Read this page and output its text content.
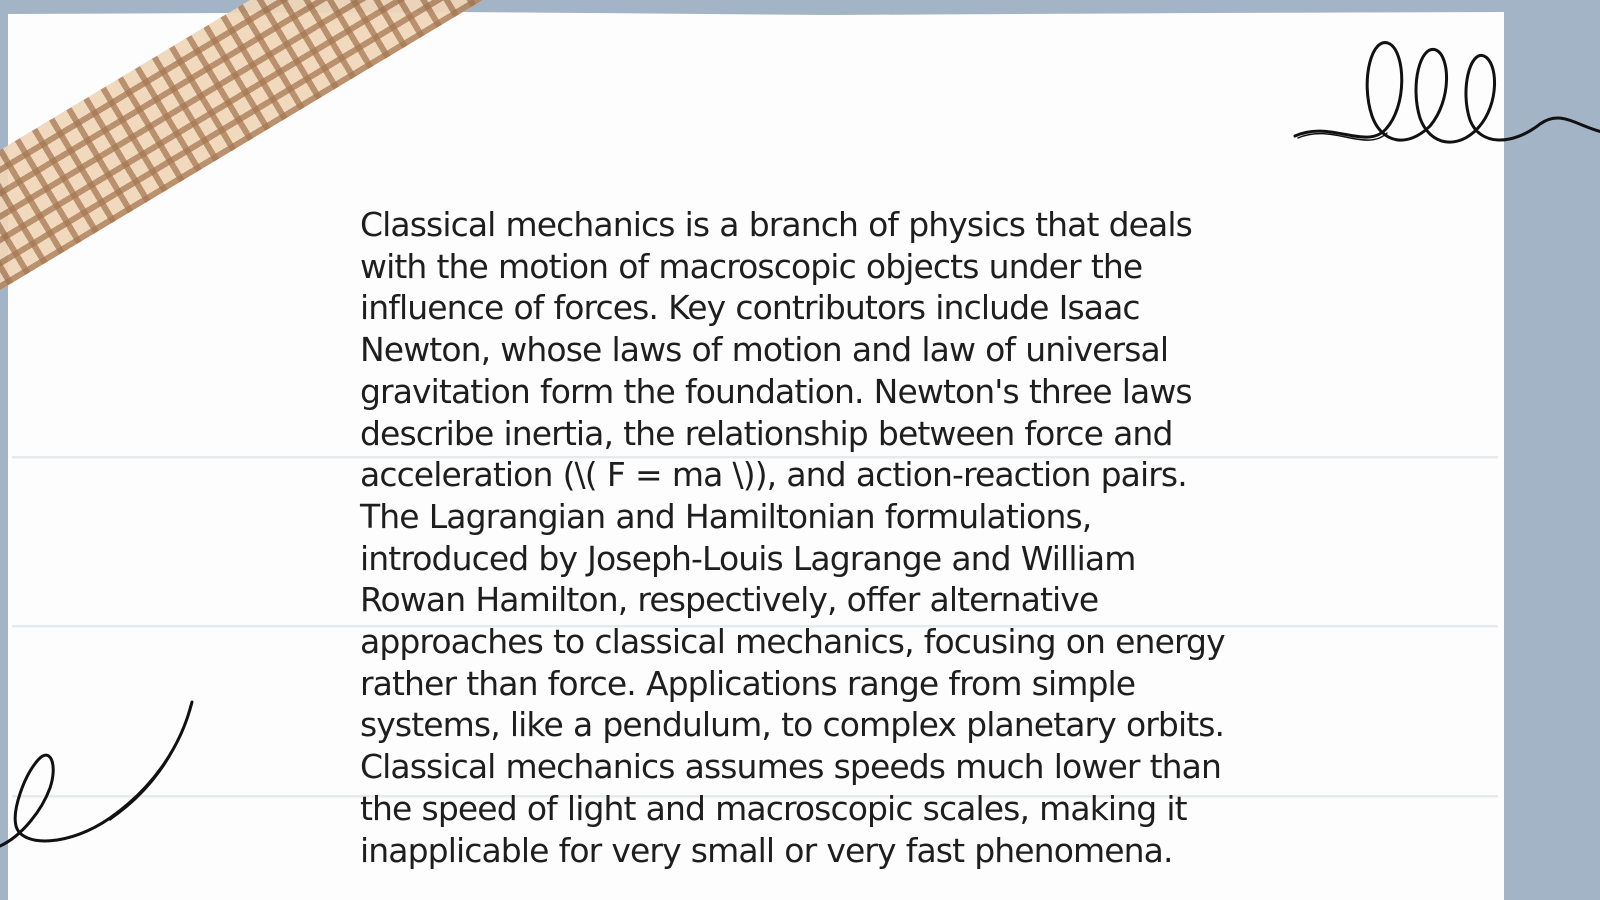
Classical mechanics is a branch of physics that deals with the motion of macroscopic objects under the influence of forces. Key contributors include Isaac Newton, whose laws of motion and law of universal gravitation form the foundation. Newton's three laws describe inertia, the relationship between force and acceleration (\( F = ma \)), and action-reaction pairs. The Lagrangian and Hamiltonian formulations, introduced by Joseph-Louis Lagrange and William Rowan Hamilton, respectively, offer alternative approaches to classical mechanics, focusing on energy rather than force. Applications range from simple systems, like a pendulum, to complex planetary orbits. Classical mechanics assumes speeds much lower than the speed of light and macroscopic scales, making it inapplicable for very small or very fast phenomena.
